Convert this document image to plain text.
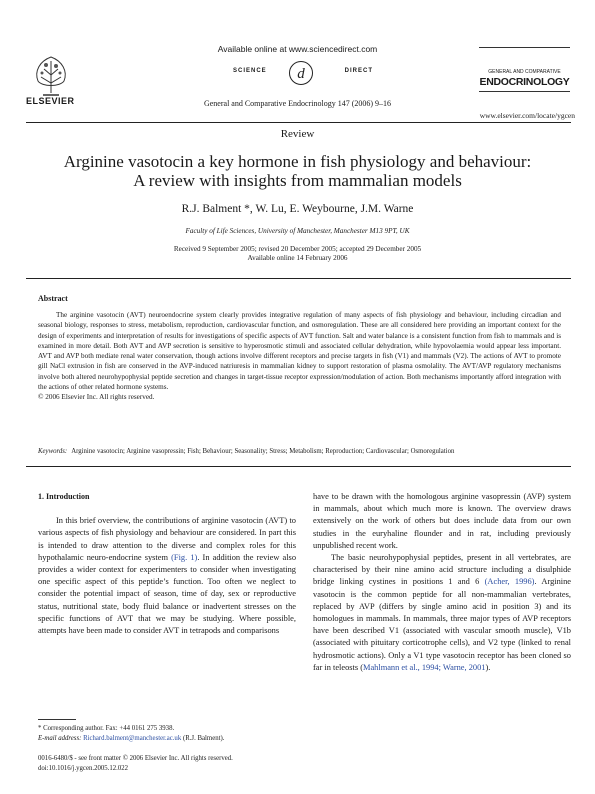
ELSEVIER
Available online at www.sciencedirect.com
SCIENCE d	DIRECT
General and Comparative Endocrinology 147 (2006) 9–16
GENERAL AND COMPARATIVE
ENDOCRINOLOGY
www.elsevier.com/locate/ygcen
Review
Arginine vasotocin a key hormone in fish physiology and behaviour:
A review with insights from mammalian models
R.J. Balment *, W. Lu, E. Weybourne, J.M. Warne
Faculty of Life Sciences, University of Manchester, Manchester M13 9PT, UK
Received 9 September 2005; revised 20 December 2005; accepted 29 December 2005
Available online 14 February 2006
Abstract
The arginine vasotocin (AVT) neuroendocrine system clearly provides integrative regulation of many aspects of fish physiology and behaviour, including circadian and seasonal biology, responses to stress, metabolism, reproduction, cardiovascular function, and osmoregulation. These are all considered here providing an important context for the design of experiments and interpretation of results for investigations of specific aspects of AVT function. Salt and water balance is a consistent function from fish to mammals and is examined in more detail. Both AVT and AVP secretion is sensitive to hyperosmotic stimuli and associated cellular dehydration, while hypovolaemia would appear less important. AVT and AVP both mediate renal water conservation, though actions involve different receptors and precise targets in fish (V1) and mammals (V2). The actions of AVT to promote gill NaCl extrusion in fish are conserved in the AVP-induced natriuresis in mammalian kidney to support restoration of plasma osmolality. The AVT/AVP regulatory mechanisms involve both altered neurohypophysial peptide secretion and changes in target-tissue receptor expression/modulation of action. Both mechanisms importantly afford integration with the actions of other related hormone systems.
© 2006 Elsevier Inc. All rights reserved.
Keywords: Arginine vasotocin; Arginine vasopressin; Fish; Behaviour; Seasonality; Stress; Metabolism; Reproduction; Cardiovascular; Osmoregulation
1. Introduction

In this brief overview, the contributions of arginine vasotocin (AVT) to various aspects of fish physiology and behaviour are considered. In part this is intended to draw attention to the diverse and complex roles for this hypothalamic neuro-endocrine system (Fig. 1). In addition the review also provides a wider context for experimenters to consider when investigating one specific aspect of this peptide’s function. Too often we neglect to consider the potential impact of season, time of day, sex or reproductive status, nutritional state, body fluid balance or inadvertent stresses on the specific functions of AVT that we may be studying. Where possible, attempts have been made to consider AVT in tetrapods and comparisons

have to be drawn with the homologous arginine vasopressin (AVP) system in mammals, about which much more is known. The overview draws extensively on the work of others but does include data from our own studies in the euryhaline flounder and in rat, including previously unpublished recent work.

The basic neurohypophysial peptides, present in all vertebrates, are characterised by their nine amino acid structure including a disulphide bridge linking cystines in positions 1 and 6 (Acher, 1996). Arginine vasotocin is the common peptide for all non-mammalian vertebrates, replaced by AVP (differs by single amino acid in position 3) and its homologues in mammals. In mammals, three major types of AVP receptors have been described V1 (associated with vascular smooth muscle), V1b (associated with pituitary corticotrophe cells), and V2 type (linked to renal hydrosmotic actions). Only a V1 type vasotocin receptor has been cloned so far in teleosts (Mahlmann et al., 1994; Warne, 2001).

* Corresponding author. Fax: +44 0161 275 3938.
E-mail address: Richard.balment@manchester.ac.uk (R.J. Balment).
0016-6480/$ - see front matter © 2006 Elsevier Inc. All rights reserved.
doi:10.1016/j.ygcen.2005.12.022
